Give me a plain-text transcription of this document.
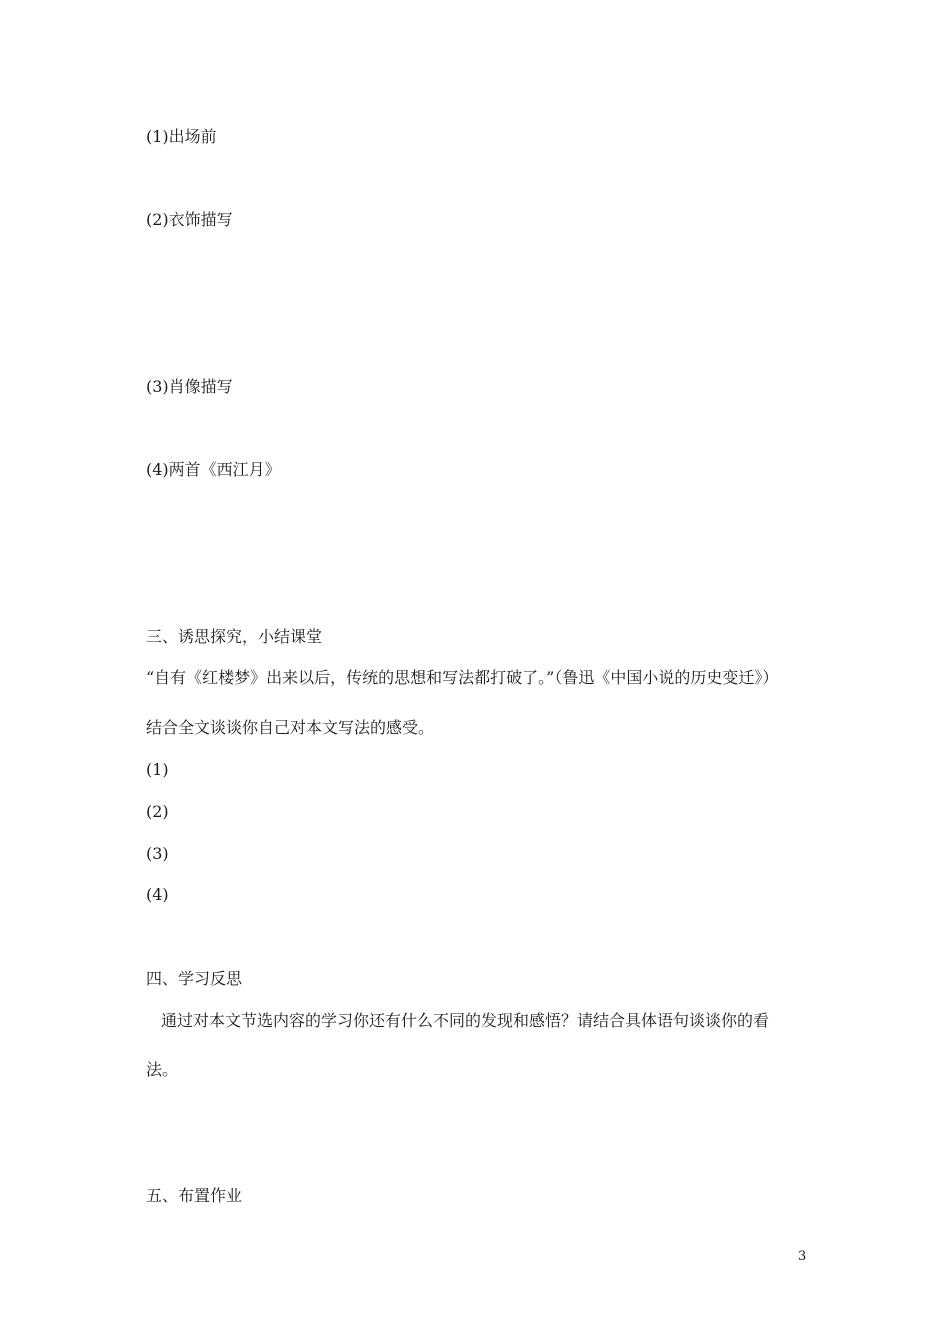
(1)出场前
(2)衣饰描写
(3)肖像描写
(4)两首《西江月》
三、诱思探究，小结课堂
“自有《红楼梦》出来以后，传统的思想和写法都打破了。”（鲁迅《中国小说的历史变迁》）
结合全文谈谈你自己对本文写法的感受。
(1)
(2)
(3)
(4)
四、学习反思
通过对本文节选内容的学习你还有什么不同的发现和感悟？请结合具体语句谈谈你的看
法。
五、布置作业
3
